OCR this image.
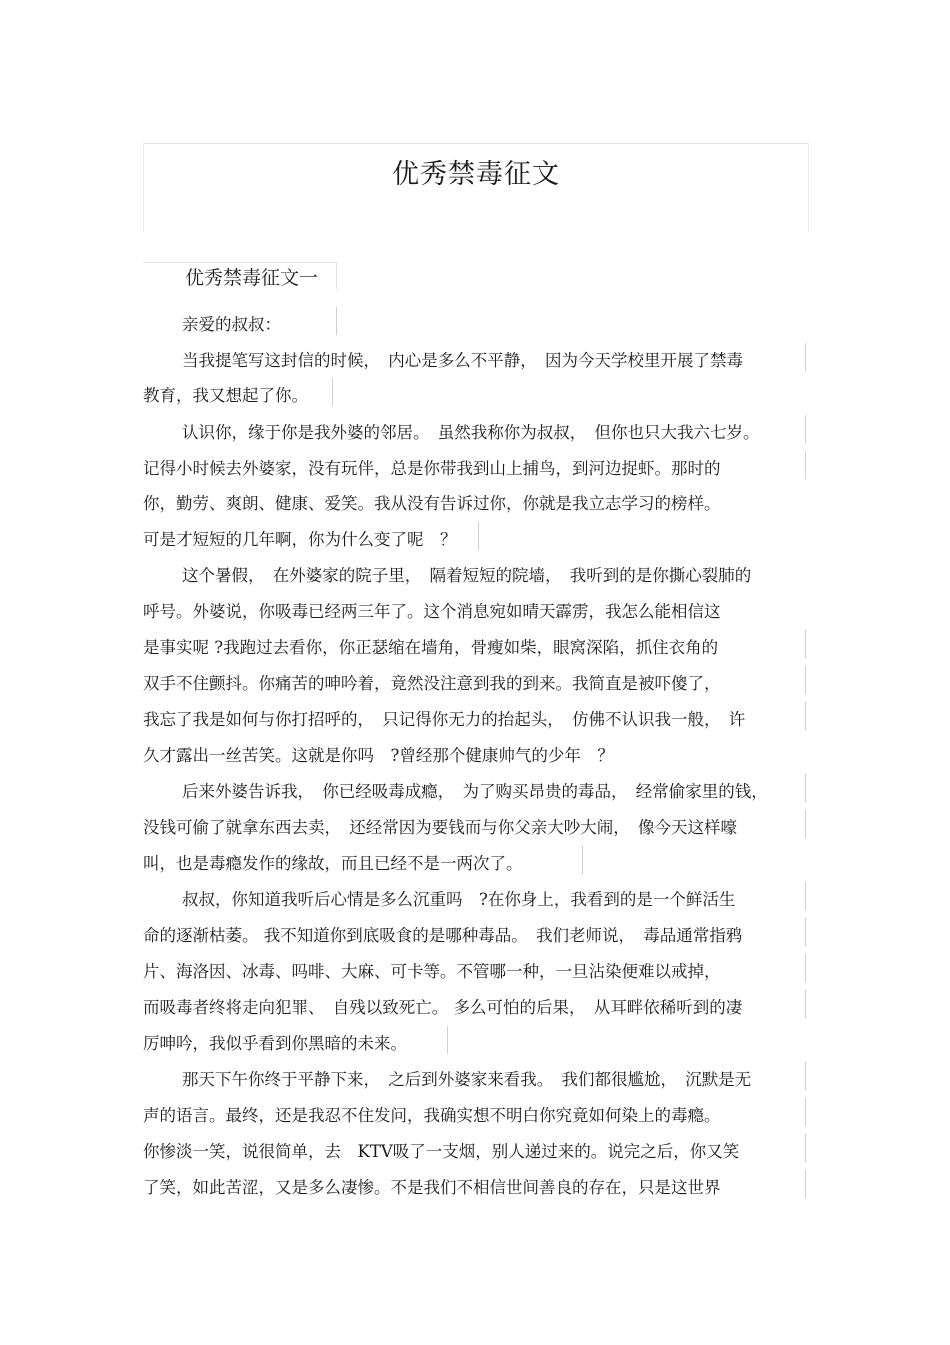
优秀禁毒征文
优秀禁毒征文一
亲爱的叔叔：
当我提笔写这封信的时候，　内心是多么不平静，　因为今天学校里开展了禁毒
教育，我又想起了你。
认识你，缘于你是我外婆的邻居。　虽然我称你为叔叔，　但你也只大我六七岁。
记得小时候去外婆家，没有玩伴，总是你带我到山上捕鸟，到河边捉虾。那时的
你，勤劳、爽朗、健康、爱笑。我从没有告诉过你，你就是我立志学习的榜样。
可是才短短的几年啊，你为什么变了呢　？
这个暑假，　在外婆家的院子里，　隔着短短的院墙，　我听到的是你撕心裂肺的
呼号。外婆说，你吸毒已经两三年了。这个消息宛如晴天霹雳，我怎么能相信这
是事实呢 ?我跑过去看你，你正瑟缩在墙角，骨瘦如柴，眼窝深陷，抓住衣角的
双手不住颤抖。你痛苦的呻吟着，竟然没注意到我的到来。我简直是被吓傻了，
我忘了我是如何与你打招呼的，　只记得你无力的抬起头，　仿佛不认识我一般，　许
久才露出一丝苦笑。这就是你吗　?曾经那个健康帅气的少年　？
后来外婆告诉我，　你已经吸毒成瘾，　为了购买昂贵的毒品，　经常偷家里的钱，
没钱可偷了就拿东西去卖，　还经常因为要钱而与你父亲大吵大闹，　像今天这样嚎
叫，也是毒瘾发作的缘故，而且已经不是一两次了。
叔叔，你知道我听后心情是多么沉重吗　?在你身上，我看到的是一个鲜活生
命的逐渐枯萎。 我不知道你到底吸食的是哪种毒品。　我们老师说，　毒品通常指鸦
片、海洛因、冰毒、吗啡、大麻、可卡等。不管哪一种，一旦沾染便难以戒掉，
而吸毒者终将走向犯罪、　自残以致死亡。 多么可怕的后果，　从耳畔依稀听到的凄
厉呻吟，我似乎看到你黑暗的未来。
那天下午你终于平静下来，　之后到外婆家来看我。　我们都很尴尬，　沉默是无
声的语言。最终，还是我忍不住发问，我确实想不明白你究竟如何染上的毒瘾。
你惨淡一笑，说很简单，去　KTV吸了一支烟，别人递过来的。说完之后，你又笑
了笑，如此苦涩，又是多么凄惨。不是我们不相信世间善良的存在，只是这世界
